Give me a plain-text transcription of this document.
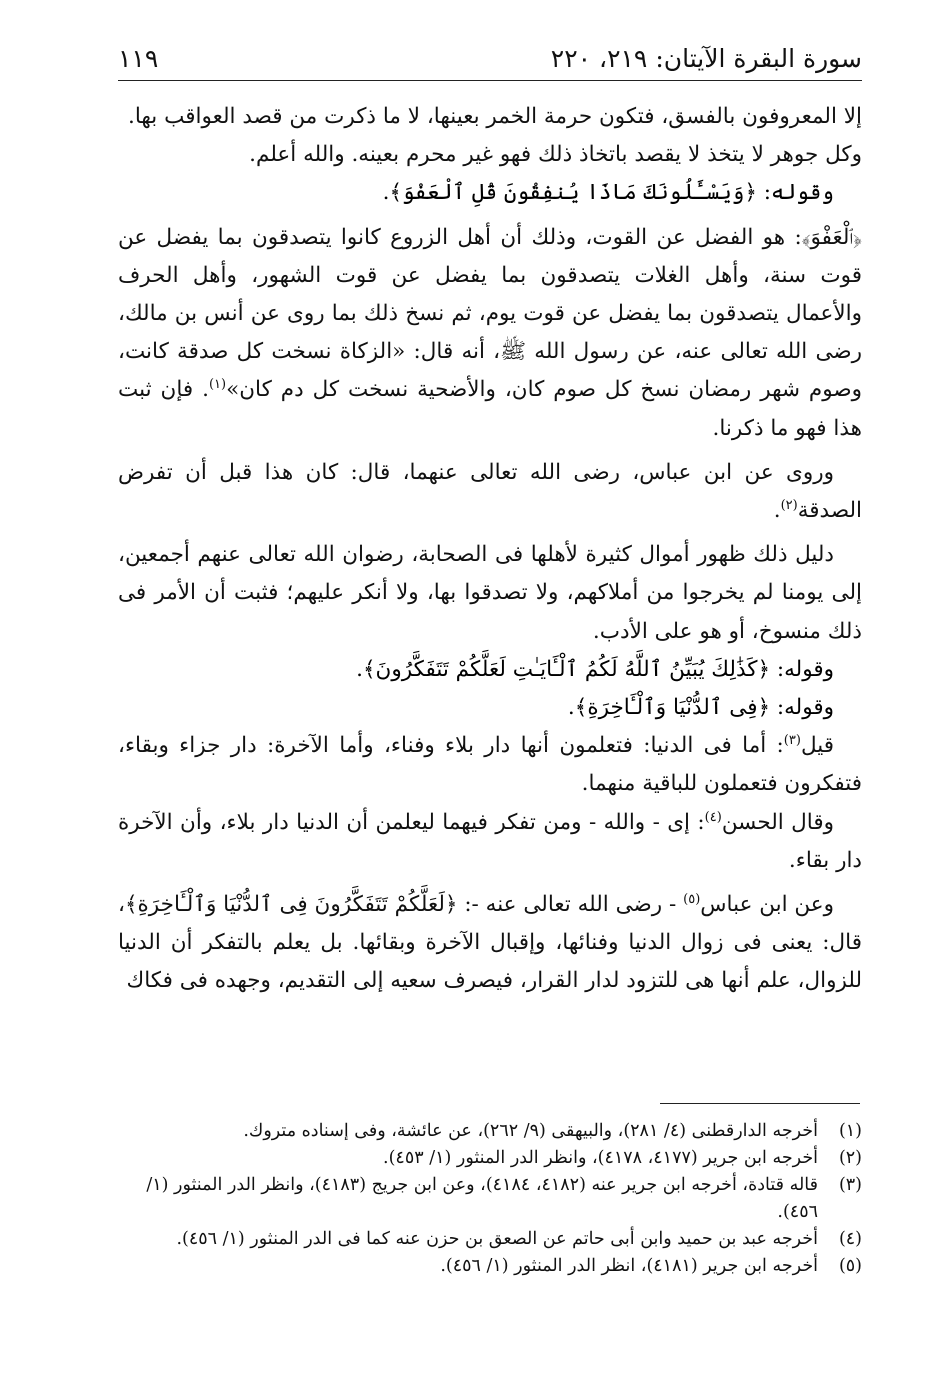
سورة البقرة الآيتان: ٢١٩، ٢٢٠
١١٩

إلا المعروفون بالفسق، فتكون حرمة الخمر بعينها، لا ما ذكرت من قصد العواقب بها.

وكل جوهر لا يتخذ لا يقصد باتخاذ ذلك فهو غير محرم بعينه. والله أعلم.

وقوله: ﴿وَيَسْـَٔلُونَكَ مَاذَا يُنفِقُونَ قُلِ ٱلْعَفْوَ﴾.

﴿ٱلْعَفْوَ﴾: هو الفضل عن القوت، وذلك أن أهل الزروع كانوا يتصدقون بما يفضل عن قوت سنة، وأهل الغلات يتصدقون بما يفضل عن قوت الشهور، وأهل الحرف والأعمال يتصدقون بما يفضل عن قوت يوم، ثم نسخ ذلك بما روى عن أنس بن مالك، رضى الله تعالى عنه، عن رسول الله ﷺ، أنه قال: «الزكاة نسخت كل صدقة كانت، وصوم شهر رمضان نسخ كل صوم كان، والأضحية نسخت كل دم كان»$^{(١)}$. فإن ثبت هذا فهو ما ذكرنا.

وروى عن ابن عباس، رضى الله تعالى عنهما، قال: كان هذا قبل أن تفرض الصدقة$^{(٢)}$.

دليل ذلك ظهور أموال كثيرة لأهلها فى الصحابة، رضوان الله تعالى عنهم أجمعين، إلى يومنا لم يخرجوا من أملاكهم، ولا تصدقوا بها، ولا أنكر عليهم؛ فثبت أن الأمر فى ذلك منسوخ، أو هو على الأدب.

وقوله: ﴿كَذَٰلِكَ يُبَيِّنُ ٱللَّهُ لَكُمُ ٱلْـَٔايَـٰتِ لَعَلَّكُمْ تَتَفَكَّرُونَ﴾.

وقوله: ﴿فِى ٱلدُّنْيَا وَٱلْـَٔاخِرَةِ﴾.

قيل$^{(٣)}$: أما فى الدنيا: فتعلمون أنها دار بلاء وفناء، وأما الآخرة: دار جزاء وبقاء، فتفكرون فتعملون للباقية منهما.

وقال الحسن$^{(٤)}$: إى - والله - ومن تفكر فيهما ليعلمن أن الدنيا دار بلاء، وأن الآخرة دار بقاء.

وعن ابن عباس$^{(٥)}$ - رضى الله تعالى عنه -: ﴿لَعَلَّكُمْ تَتَفَكَّرُونَ فِى ٱلدُّنْيَا وَٱلْـَٔاخِرَةِ﴾، قال: يعنى فى زوال الدنيا وفنائها، وإقبال الآخرة وبقائها. بل يعلم بالتفكر أن الدنيا للزوال، علم أنها هى للتزود لدار القرار، فيصرف سعيه إلى التقديم، وجهده فى فكاك

(١)
أخرجه الدارقطنى (٤/ ٢٨١)، والبيهقى (٩/ ٢٦٢)، عن عائشة، وفى إسناده متروك.

(٢)
أخرجه ابن جرير (٤١٧٧، ٤١٧٨)، وانظر الدر المنثور (١/ ٤٥٣).

(٣)
قاله قتادة، أخرجه ابن جرير عنه (٤١٨٢، ٤١٨٤)، وعن ابن جريج (٤١٨٣)، وانظر الدر المنثور (١/ ٤٥٦).

(٤)
أخرجه عبد بن حميد وابن أبى حاتم عن الصعق بن حزن عنه كما فى الدر المنثور (١/ ٤٥٦).

(٥)
أخرجه ابن جرير (٤١٨١)، انظر الدر المنثور (١/ ٤٥٦).
